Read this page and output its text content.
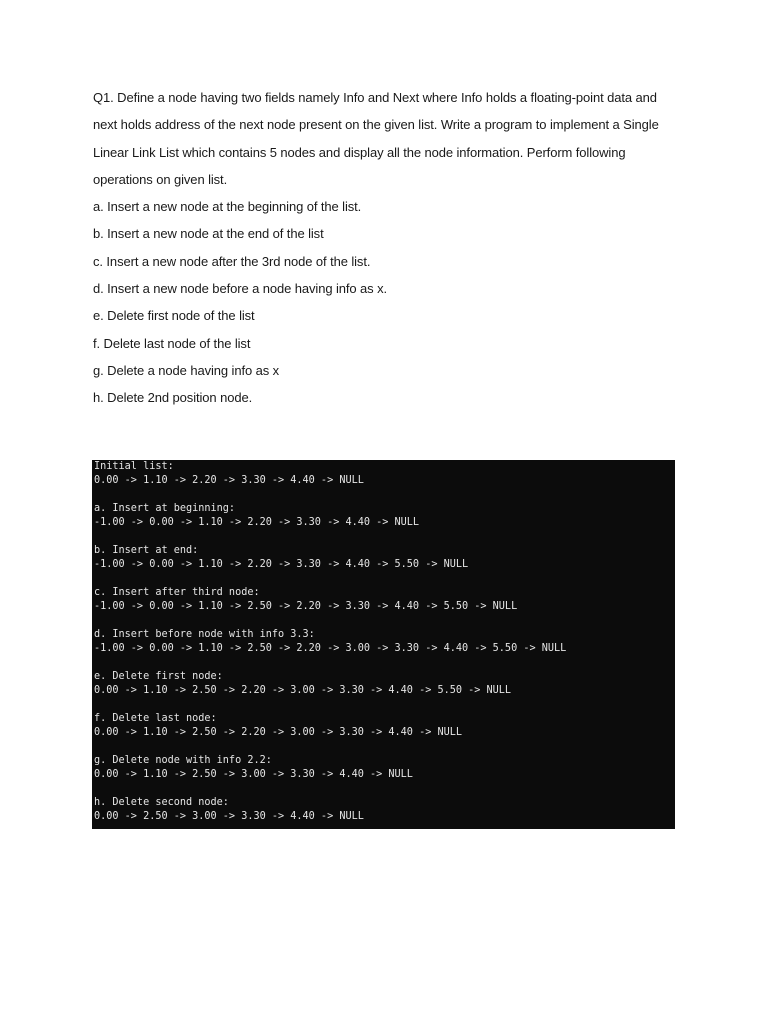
Q1. Define a node having two fields namely Info and Next where Info holds a floating-point data and next holds address of the next node present on the given list. Write a program to implement a Single Linear Link List which contains 5 nodes and display all the node information. Perform following operations on given list.

a. Insert a new node at the beginning of the list.
b. Insert a new node at the end of the list
c. Insert a new node after the 3rd node of the list.
d. Insert a new node before a node having info as x.
e. Delete first node of the list
f. Delete last node of the list
g. Delete a node having info as x
h. Delete 2nd position node.
Initial list:
0.00 -> 1.10 -> 2.20 -> 3.30 -> 4.40 -> NULL
a. Insert at beginning:
-1.00 -> 0.00 -> 1.10 -> 2.20 -> 3.30 -> 4.40 -> NULL
b. Insert at end:
-1.00 -> 0.00 -> 1.10 -> 2.20 -> 3.30 -> 4.40 -> 5.50 -> NULL
c. Insert after third node:
-1.00 -> 0.00 -> 1.10 -> 2.50 -> 2.20 -> 3.30 -> 4.40 -> 5.50 -> NULL
d. Insert before node with info 3.3:
-1.00 -> 0.00 -> 1.10 -> 2.50 -> 2.20 -> 3.00 -> 3.30 -> 4.40 -> 5.50 -> NULL
e. Delete first node:
0.00 -> 1.10 -> 2.50 -> 2.20 -> 3.00 -> 3.30 -> 4.40 -> 5.50 -> NULL
f. Delete last node:
0.00 -> 1.10 -> 2.50 -> 2.20 -> 3.00 -> 3.30 -> 4.40 -> NULL
g. Delete node with info 2.2:
0.00 -> 1.10 -> 2.50 -> 3.00 -> 3.30 -> 4.40 -> NULL
h. Delete second node:
0.00 -> 2.50 -> 3.00 -> 3.30 -> 4.40 -> NULL
